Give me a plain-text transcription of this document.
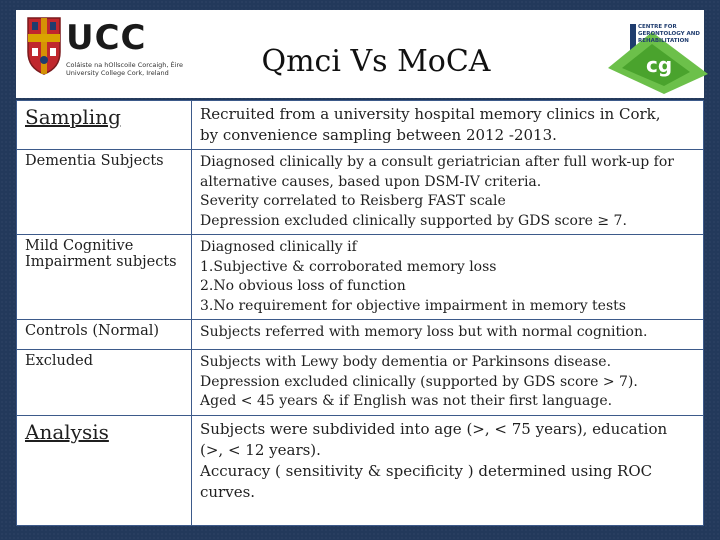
UCC
Coláiste na hOllscoile Corcaigh, Éire
University College Cork, Ireland	Qmci Vs MoCA	cg
CENTRE FOR
GERONTOLOGY AND
REHABILITATION
Sampling	Recruited from a university hospital memory clinics in Cork,
by convenience sampling between 2012 -2013.

Dementia Subjects	Diagnosed clinically by a consult geriatrician after full work-up for
alternative causes, based upon DSM-IV criteria.
Severity correlated to Reisberg FAST scale
Depression excluded clinically supported by GDS score ≥ 7.

Mild Cognitive Impairment subjects	Diagnosed clinically if
1.Subjective & corroborated memory loss
2.No obvious loss of function
3.No requirement for objective impairment in memory tests

Controls (Normal)	Subjects referred with memory loss but with normal cognition.

Excluded	Subjects with Lewy body dementia or Parkinsons disease.
Depression excluded clinically (supported by GDS score > 7).
Aged < 45 years & if English was not their first language.

Analysis	Subjects were subdivided into age (>, < 75 years), education
(>, < 12 years).
Accuracy ( sensitivity & specificity ) determined using ROC
curves.
